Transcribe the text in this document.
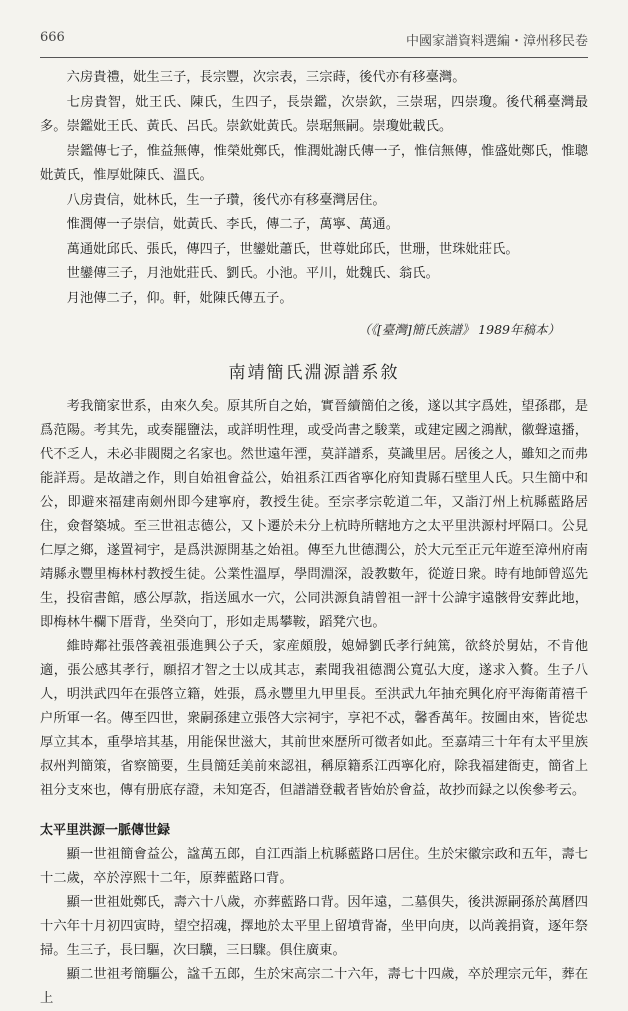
666	中國家譜資料選編・漳州移民卷

六房貴禮，妣生三子，長宗豐，次宗表，三宗蒔，後代亦有移臺灣。

七房貴智，妣王氏、陳氏，生四子，長崇鑑，次崇欽，三崇琚，四崇瓊。後代稱臺灣最多。崇鑑妣王氏、黃氏、呂氏。崇欽妣黃氏。崇琚無嗣。崇瓊妣載氏。

崇鑑傳七子，惟益無傳，惟榮妣鄭氏，惟潤妣謝氏傳一子，惟信無傳，惟盛妣鄭氏，惟聰妣黃氏，惟厚妣陳氏、溫氏。

八房貴信，妣林氏，生一子瓚，後代亦有移臺灣居住。

惟潤傳一子崇信，妣黃氏、李氏，傳二子，萬寧、萬通。

萬通妣邱氏、張氏，傳四子，世鑾妣蕭氏，世尊妣邱氏，世珊，世珠妣莊氏。

世鑾傳三子，月池妣莊氏、劉氏。小池。平川，妣魏氏、翁氏。

月池傳二子，仰。軒，妣陳氏傳五子。

（《[臺灣]簡氏族譜》 1989年稿本）
南靖簡氏淵源譜系敘

考我簡家世系，由來久矣。原其所自之始，實晉續簡伯之後，遂以其字爲姓，望孫郡，是爲范陽。考其先，或奏罷鹽法，或詳明性理，或受尚書之駿業，或建定國之鴻猷，徽聲遠播，代不乏人，未必非閥閱之名家也。然世遠年湮，莫詳譜系，莫識里居。居後之人，雖知之而弗能詳焉。是故譜之作，則自始祖會益公，始祖系江西省寧化府知貴縣石壁里人氏。只生簡中和公，即避來福建南劍州即今建寧府，教授生徒。至宗孝宗乾道二年，又詣汀州上杭縣藍路居住，僉督築城。至三世祖志德公，又卜遷於未分上杭時所轄地方之太平里洪源村坪隔口。公見仁厚之鄉，遂置祠宇，是爲洪源開基之始祖。傳至九世德潤公，於大元至正元年遊至漳州府南靖縣永豐里梅林村教授生徒。公業性溫厚，學問淵深，設教數年，從遊日衆。時有地師曾巡先生，投宿書館，感公厚款，指送風水一穴，公同洪源負請曾祖一評十公諱宇遠骸骨安葬此地，即梅林牛欄下厝背，坐癸向丁，形如走馬攀鞍，蹈凳穴也。

維時鄰社張啓義祖張進興公子夭，家産頗殷，媳婦劉氏孝行純篤，欲終於舅姑，不肯他適，張公感其孝行，願招才智之士以成其志，素聞我祖德潤公寬弘大度，遂求入贅。生子八人，明洪武四年在張啓立籍，姓張，爲永豐里九甲里長。至洪武九年抽充興化府平海衛莆禧千户所軍一名。傳至四世，衆嗣孫建立張啓大宗祠宇，享祀不忒，馨香萬年。按圖由來，皆從忠厚立其本，重學培其基，用能保世滋大，其前世來歷所可徵者如此。至嘉靖三十年有太平里族叔州判簡策，省察簡要，生員簡廷美前來認祖，稱原籍系江西寧化府，除我福建衙吏，簡省上祖分支來也，傳有册底存證，未知寔否，但譜譜登載者皆始於會益，故抄而録之以俟參考云。

太平里洪源一脈傳世録

顯一世祖簡會益公，諡萬五郎，自江西詣上杭縣藍路口居住。生於宋徽宗政和五年，壽七十二歲，卒於淳熙十二年，原葬藍路口背。

顯一世祖妣鄭氏，壽六十八歲，亦葬藍路口背。因年遠，二墓俱失，後洪源嗣孫於萬曆四十六年十月初四寅時，望空招魂，擇地於太平里上留墳背崙，坐甲向庚，以尚義捐資，逐年祭掃。生三子，長曰驅，次曰驥，三曰驟。俱住廣東。

顯二世祖考簡驅公，諡千五郎，生於宋高宗二十六年，壽七十四歲，卒於理宗元年，葬在上
